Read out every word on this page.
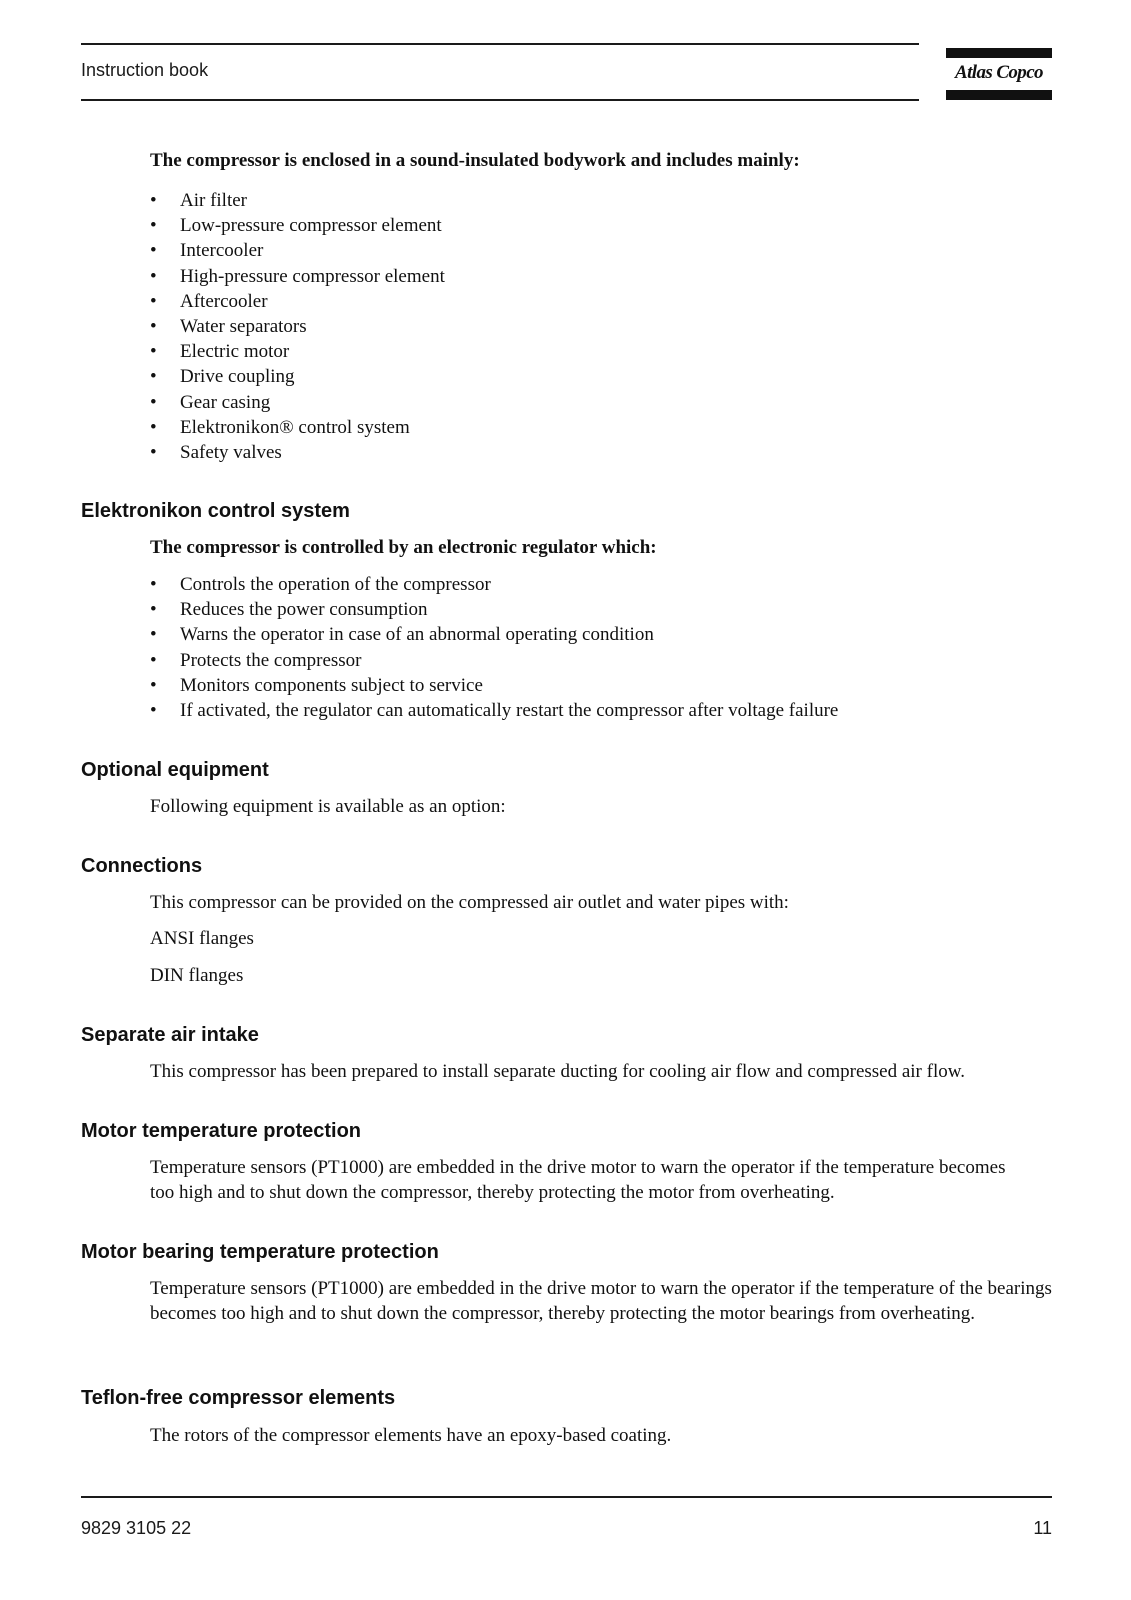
Instruction book	Atlas Copco

The compressor is enclosed in a sound-insulated bodywork and includes mainly:

• Air filter
• Low-pressure compressor element
• Intercooler
• High-pressure compressor element
• Aftercooler
• Water separators
• Electric motor
• Drive coupling
• Gear casing
• Elektronikon® control system
• Safety valves
Elektronikon control system

The compressor is controlled by an electronic regulator which:

• Controls the operation of the compressor
• Reduces the power consumption
• Warns the operator in case of an abnormal operating condition
• Protects the compressor
• Monitors components subject to service
• If activated, the regulator can automatically restart the compressor after voltage failure
Optional equipment

Following equipment is available as an option:

Connections

This compressor can be provided on the compressed air outlet and water pipes with:

ANSI flanges

DIN flanges

Separate air intake

This compressor has been prepared to install separate ducting for cooling air flow and compressed air flow.

Motor temperature protection

Temperature sensors (PT1000) are embedded in the drive motor to warn the operator if the temperature becomes too high and to shut down the compressor, thereby protecting the motor from overheating.

Motor bearing temperature protection

Temperature sensors (PT1000) are embedded in the drive motor to warn the operator if the temperature of the bearings becomes too high and to shut down the compressor, thereby protecting the motor bearings from overheating.

Teflon-free compressor elements

The rotors of the compressor elements have an epoxy-based coating.

9829 3105 22	11
